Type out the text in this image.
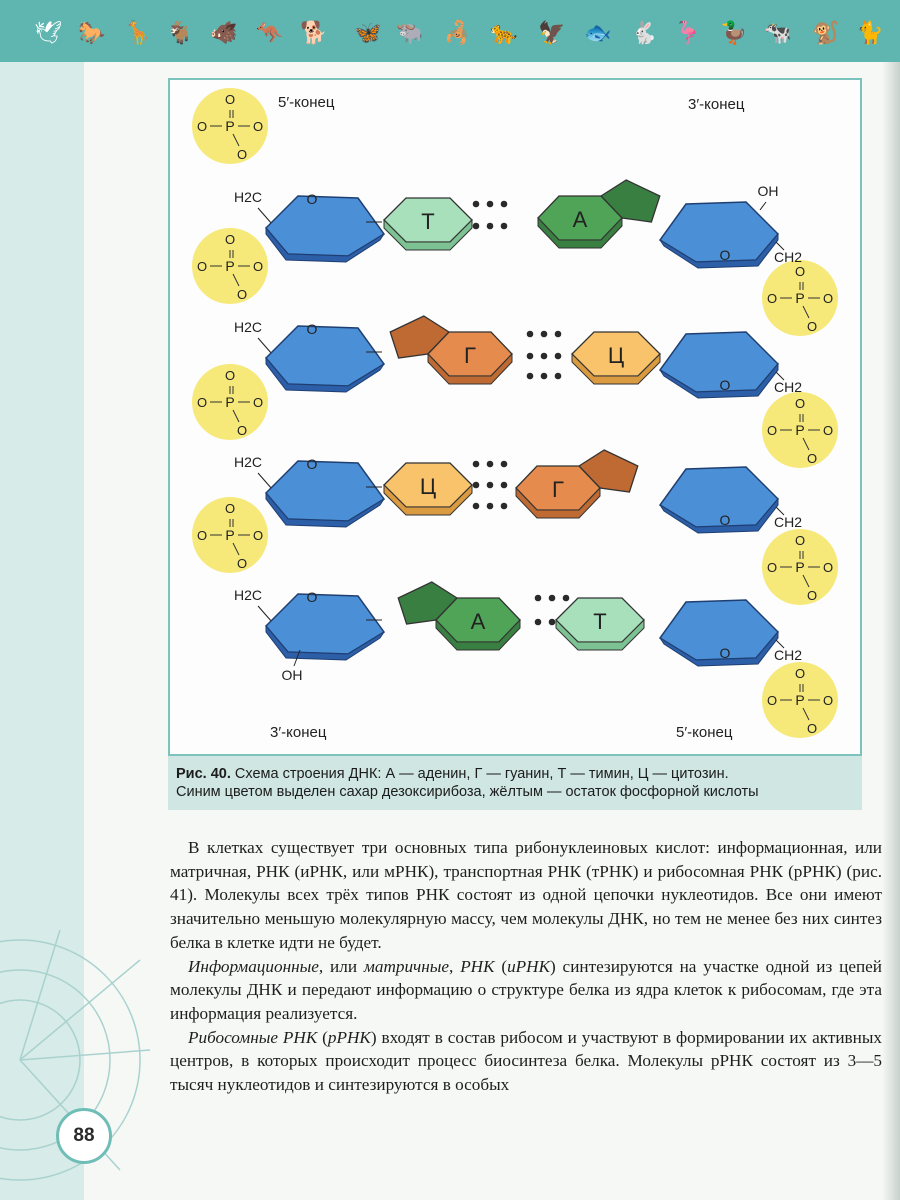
🕊 🐎 🦒 🐐 🐗 🦘 🐕 🦋 🐃 🦂 🐆 🦅 🐟 🐇 🦩 🦆 🐄 🐒 🐈
88
P
O
O	O
O
P
O
O	O
O
P
O
O	O
O
P
O
O	O
O
P
O
O	O
O
P
O
O	O
O
P
O
O	O
O
P
O
O	O
O
H2C	O
H2C	O
H2C	O
H2C	O
O	CH2
O	CH2
O	CH2
O	CH2
OH
OH
Т	А
Г	Ц
Ц	Г
А	Т
5′-конец	3′-конец
3′-конец	5′-конец
Рис. 40. Схема строения ДНК: А — аденин, Г — гуанин, Т — тимин, Ц — цитозин.
Синим цветом выделен сахар дезоксирибоза, жёлтым — остаток фосфорной кислоты

В клетках существует три основных типа рибонуклеиновых кислот: информационная, или матричная, РНК (иРНК, или мРНК), транспортная РНК (тРНК) и рибосомная РНК (рРНК) (рис. 41). Молекулы всех трёх типов РНК состоят из одной цепочки нуклеотидов. Все они имеют значительно меньшую молекулярную массу, чем молекулы ДНК, но тем не менее без них синтез белка в клетке идти не будет.

Информационные, или матричные, РНК (иРНК) синтезируются на участке одной из цепей молекулы ДНК и передают информацию о структуре белка из ядра клеток к рибосомам, где эта информация реализуется.

Рибосомные РНК (рРНК) входят в состав рибосом и участвуют в формировании их активных центров, в которых происходит процесс биосинтеза белка. Молекулы рРНК состоят из 3—5 тысяч нуклеотидов и синтезируются в особых
